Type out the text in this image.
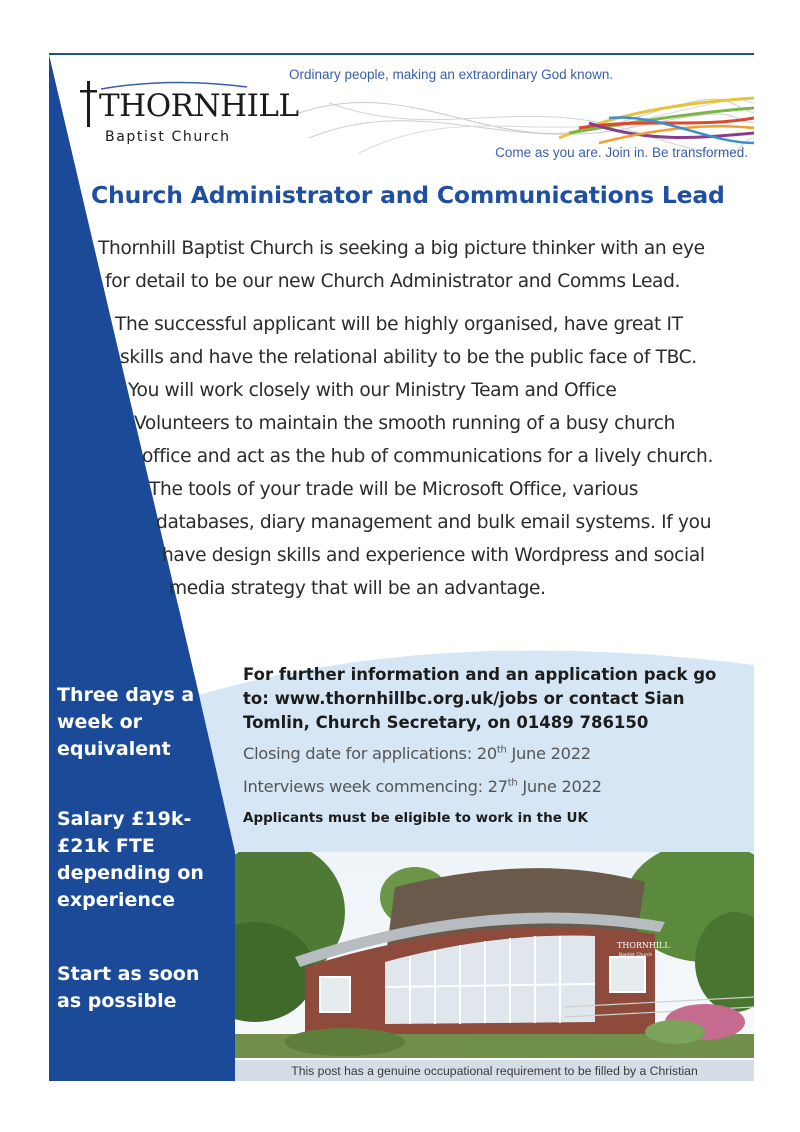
THORNHILL
Baptist Church
Ordinary people, making an extraordinary God known.
Come as you are. Join in. Be transformed.
Church Administrator and Communications Lead
Thornhill Baptist Church is seeking a big picture thinker with an eye
for detail to be our new Church Administrator and Comms Lead.
The successful applicant will be highly organised, have great IT
skills and have the relational ability to be the public face of TBC.
You will work closely with our Ministry Team and Office
Volunteers to maintain the smooth running of a busy church
office and act as the hub of communications for a lively church.
The tools of your trade will be Microsoft Office, various
databases, diary management and bulk email systems. If you
have design skills and experience with Wordpress and social
media strategy that will be an advantage.
For further information and an application pack go
to: www.thornhillbc.org.uk/jobs or contact Sian
Tomlin, Church Secretary, on 01489 786150
Closing date for applications: 20th June 2022
Interviews week commencing: 27th June 2022
Applicants must be eligible to work in the UK
Three days a week or equivalent
Salary £19k-£21k FTE depending on experience
Start as soon as possible
THORNHILL
Baptist Church
This post has a genuine occupational requirement to be filled by a Christian
